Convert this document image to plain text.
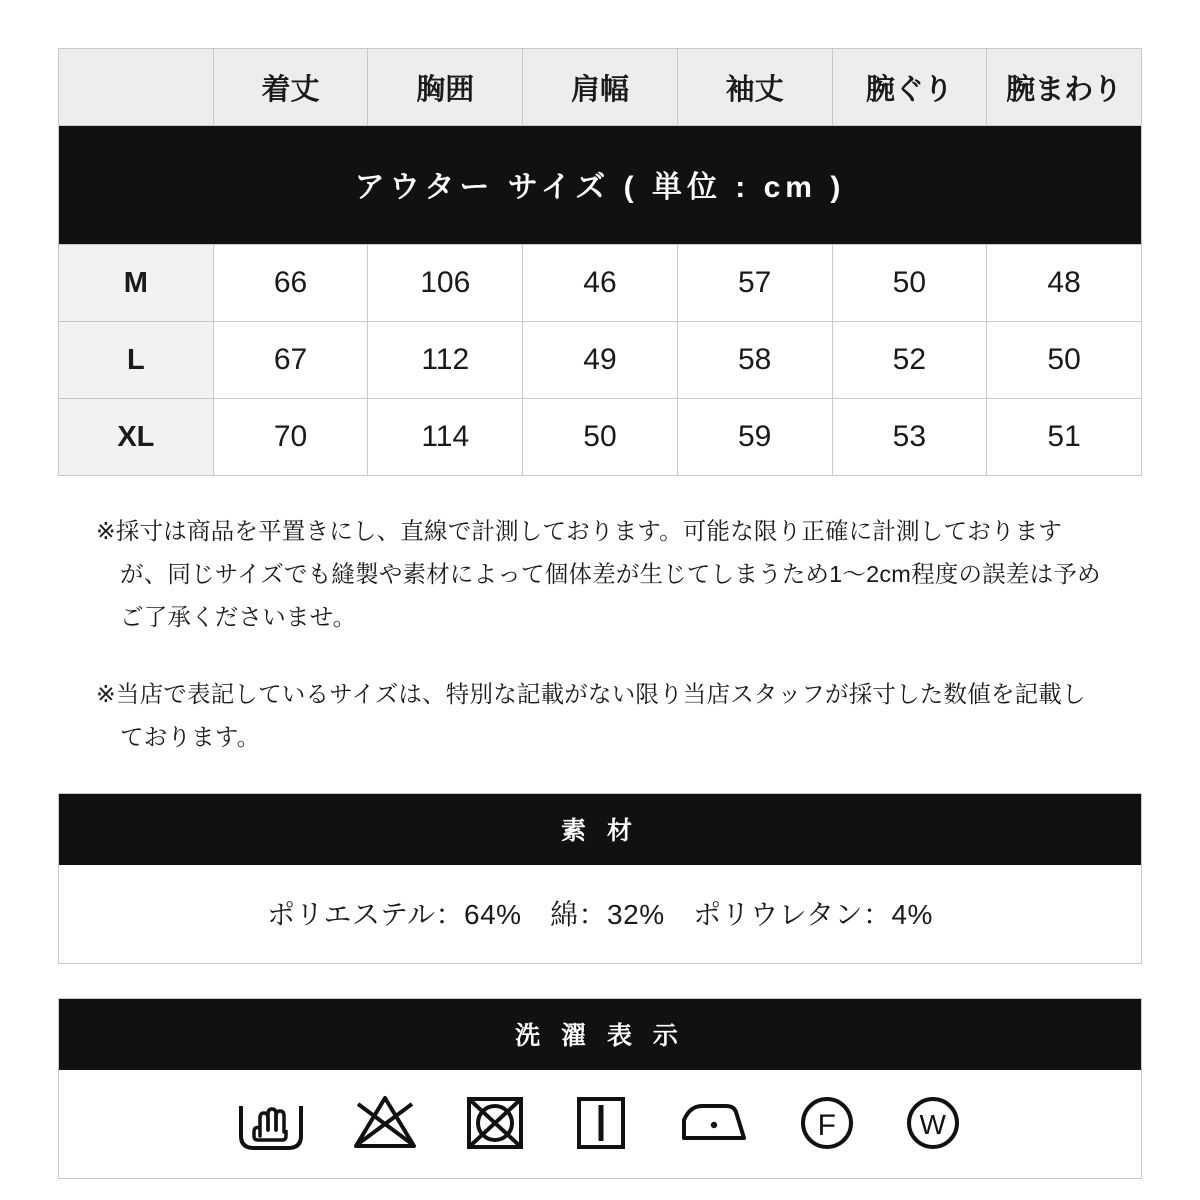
アウター サイズ ( 単位 : cm )						
	着丈	胸囲	肩幅	袖丈	腕ぐり	腕まわり
M	66	106	46	57	50	48
L	67	112	49	58	52	50
XL	70	114	50	59	53	51

※採寸は商品を平置きにし、直線で計測しております。可能な限り正確に計測しておりますが、同じサイズでも縫製や素材によって個体差が生じてしまうため1〜2cm程度の誤差は予めご了承くださいませ。

※当店で表記しているサイズは、特別な記載がない限り当店スタッフが採寸した数値を記載しております。

素 材
ポリエステル：64%　綿：32%　ポリウレタン：4%
洗 濯 表 示
F	W
